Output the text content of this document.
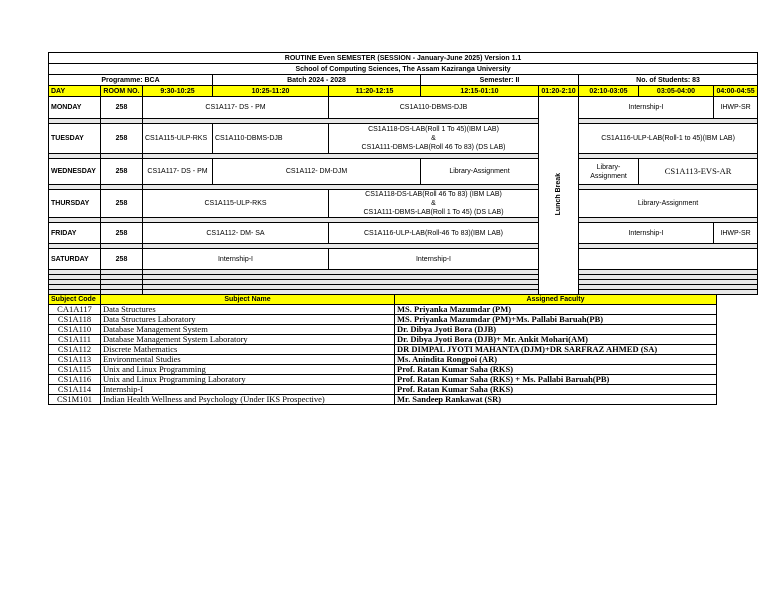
ROUTINE Even SEMESTER (SESSION - January-June 2025) Version 1.1									
School of Computing Sciences, The Assam Kaziranga University									
Programme: BCA			Batch 2024 - 2028		Semester: II		No. of Students: 83		
DAY	ROOM NO.	9:30-10:25	10:25-11:20	11:20-12:15	12:15-01:10	01:20-2:10	02:10-03:05	03:05-04:00	04:00-04:55
MONDAY	258	CS1A117- DS - PM		CS1A110-DBMS-DJB		Lunch Break	Internship-I		IHWP-SR

TUESDAY	258	CS1A115-ULP-RKS	CS1A110-DBMS-DJB	CS1A118-DS-LAB(Roll 1 To 45)(IBM LAB)
&
CS1A111-DBMS-LAB(Roll 46 To 83) (DS LAB)			CS1A116-ULP-LAB(Roll-1 to 45)(IBM LAB)		

WEDNESDAY	258	CS1A117- DS - PM	CS1A112- DM-DJM		Library-Assignment		Library-Assignment	CS1A113-EVS-AR	

THURSDAY	258	CS1A115-ULP-RKS		CS1A118-DS-LAB(Roll 46 To 83) (IBM LAB)
&
CS1A111-DBMS-LAB(Roll 1 To 45) (DS LAB)			Library-Assignment		

FRIDAY	258	CS1A112- DM- SA		CS1A116-ULP-LAB(Roll-46 To 83)(IBM LAB)			Internship-I		IHWP-SR

SATURDAY	258	Internship-I		Internship-I					

Subject Code	Subject Name	Assigned Faculty
CA1A117	Data Structures	MS. Priyanka Mazumdar (PM)
CS1A118	Data Structures Laboratory	MS. Priyanka Mazumdar (PM)+Ms. Pallabi Baruah(PB)
CS1A110	Database Management System	Dr. Dibya Jyoti Bora (DJB)
CS1A111	Database Management System Laboratory	Dr. Dibya Jyoti Bora (DJB)+ Mr. Ankit Mohari(AM)
CS1A112	Discrete Mathematics	DR DIMPAL JYOTI MAHANTA (DJM)+DR SARFRAZ AHMED (SA)
CS1A113	Environmental Studies	Ms. Anindita Rongpoi (AR)
CS1A115	Unix and Linux Programming	Prof. Ratan Kumar Saha (RKS)
CS1A116	Unix and Linux Programming Laboratory	Prof. Ratan Kumar Saha (RKS) + Ms. Pallabi Baruah(PB)
CS1A114	Internship-I	Prof. Ratan Kumar Saha (RKS)
CS1M101	Indian Health Wellness and Psychology (Under IKS Prospective)	Mr. Sandeep Rankawat (SR)
